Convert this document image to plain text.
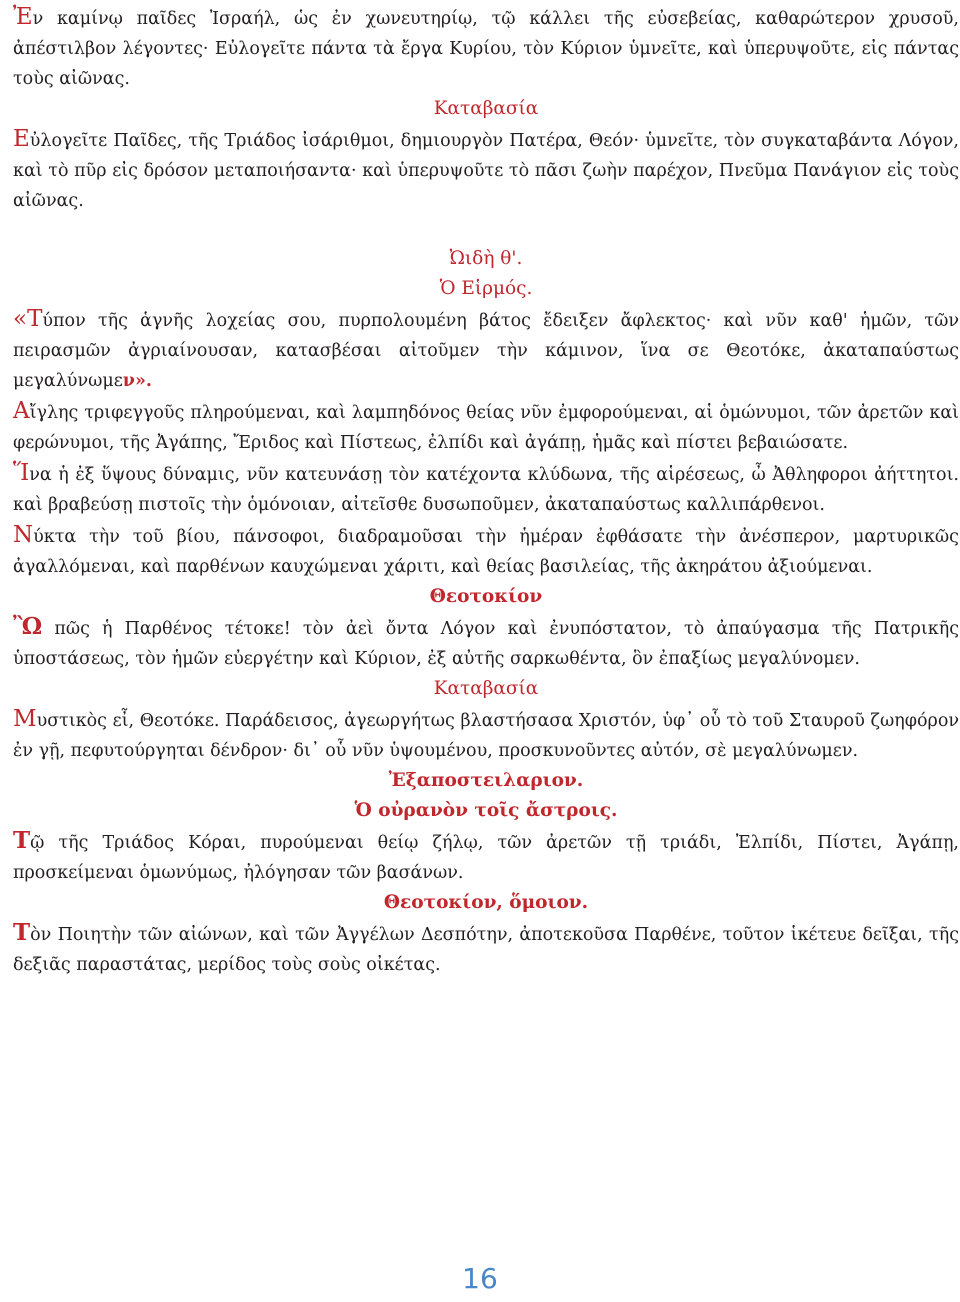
Ἐν καμίνῳ παῖδες Ἰσραήλ, ὡς ἐν χωνευτηρίῳ, τῷ κάλλει τῆς εὐσεβείας, καθαρώτερον χρυσοῦ, ἀπέστιλβον λέγοντες· Εὐλογεῖτε πάντα τὰ ἔργα Κυρίου, τὸν Κύριον ὑμνεῖτε, καὶ ὑπερυψοῦτε, εἰς πάντας τοὺς αἰῶνας.

Καταβασία

Εὐλογεῖτε Παῖδες, τῆς Τριάδος ἰσάριθμοι, δημιουργὸν Πατέρα, Θεόν· ὑμνεῖτε, τὸν συγκαταβάντα Λόγον, καὶ τὸ πῦρ εἰς δρόσον μεταποιήσαντα· καὶ ὑπερυψοῦτε τὸ πᾶσι ζωὴν παρέχον, Πνεῦμα Πανάγιον εἰς τοὺς αἰῶνας.

Ὠιδὴ θ'.

Ὁ Εἱρμός.

«Τύπον τῆς ἁγνῆς λοχείας σου, πυρπολουμένη βάτος ἔδειξεν ἄφλεκτος· καὶ νῦν καθ' ἡμῶν, τῶν πειρασμῶν ἀγριαίνουσαν, κατασβέσαι αἰτοῦμεν τὴν κάμινον, ἵνα σε Θεοτόκε, ἀκαταπαύστως μεγαλύνωμεν».

Αἴγλης τριφεγγοῦς πληρούμεναι, καὶ λαμπηδόνος θείας νῦν ἐμφορούμεναι, αἱ ὁμώνυμοι, τῶν ἀρετῶν καὶ φερώνυμοι, τῆς Ἀγάπης, Ἔριδος καὶ Πίστεως, ἐλπίδι καὶ ἀγάπῃ, ἡμᾶς καὶ πίστει βεβαιώσατε.

Ἵνα ἡ ἐξ ὕψους δύναμις, νῦν κατευνάσῃ τὸν κατέχοντα κλύδωνα, τῆς αἱρέσεως, ὦ Ἀθληφοροι ἀήττητοι. καὶ βραβεύσῃ πιστοῖς τὴν ὁμόνοιαν, αἰτεῖσθε δυσωποῦμεν, ἀκαταπαύστως καλλιπάρθενοι.

Νύκτα τὴν τοῦ βίου, πάνσοφοι, διαδραμοῦσαι τὴν ἡμέραν ἐφθάσατε τὴν ἀνέσπερον, μαρτυρικῶς ἀγαλλόμεναι, καὶ παρθένων καυχώμεναι χάριτι, καὶ θείας βασιλείας, τῆς ἀκηράτου ἀξιούμεναι.

Θεοτοκίον

Ὢ πῶς ἡ Παρθένος τέτοκε! τὸν ἀεὶ ὄντα Λόγον καὶ ἐνυπόστατον, τὸ ἀπαύγασμα τῆς Πατρικῆς ὑποστάσεως, τὸν ἡμῶν εὐεργέτην καὶ Κύριον, ἐξ αὐτῆς σαρκωθέντα, ὃν ἐπαξίως μεγαλύνομεν.

Καταβασία

Μυστικὸς εἶ, Θεοτόκε. Παράδεισος, ἀγεωργήτως βλαστήσασα Χριστόν, ὑφ᾽ οὗ τὸ τοῦ Σταυροῦ ζωηφόρον ἐν γῇ, πεφυτούργηται δένδρον· δι᾽ οὗ νῦν ὑψουμένου, προσκυνοῦντες αὐτόν, σὲ μεγαλύνωμεν.

Ἐξαποστειλαριον.

Ὁ οὐρανὸν τοῖς ἄστροις.

Τῷ τῆς Τριάδος Κόραι, πυρούμεναι θείῳ ζήλῳ, τῶν ἀρετῶν τῇ τριάδι, Ἐλπίδι, Πίστει, Ἀγάπῃ, προσκείμεναι ὁμωνύμως, ἠλόγησαν τῶν βασάνων.

Θεοτοκίον, ὅμοιον.

Τὸν Ποιητὴν τῶν αἰώνων, καὶ τῶν Ἀγγέλων Δεσπότην, ἀποτεκοῦσα Παρθένε, τοῦτον ἱκέτευε δεῖξαι, τῆς δεξιᾶς παραστάτας, μερίδος τοὺς σοὺς οἰκέτας.

16
